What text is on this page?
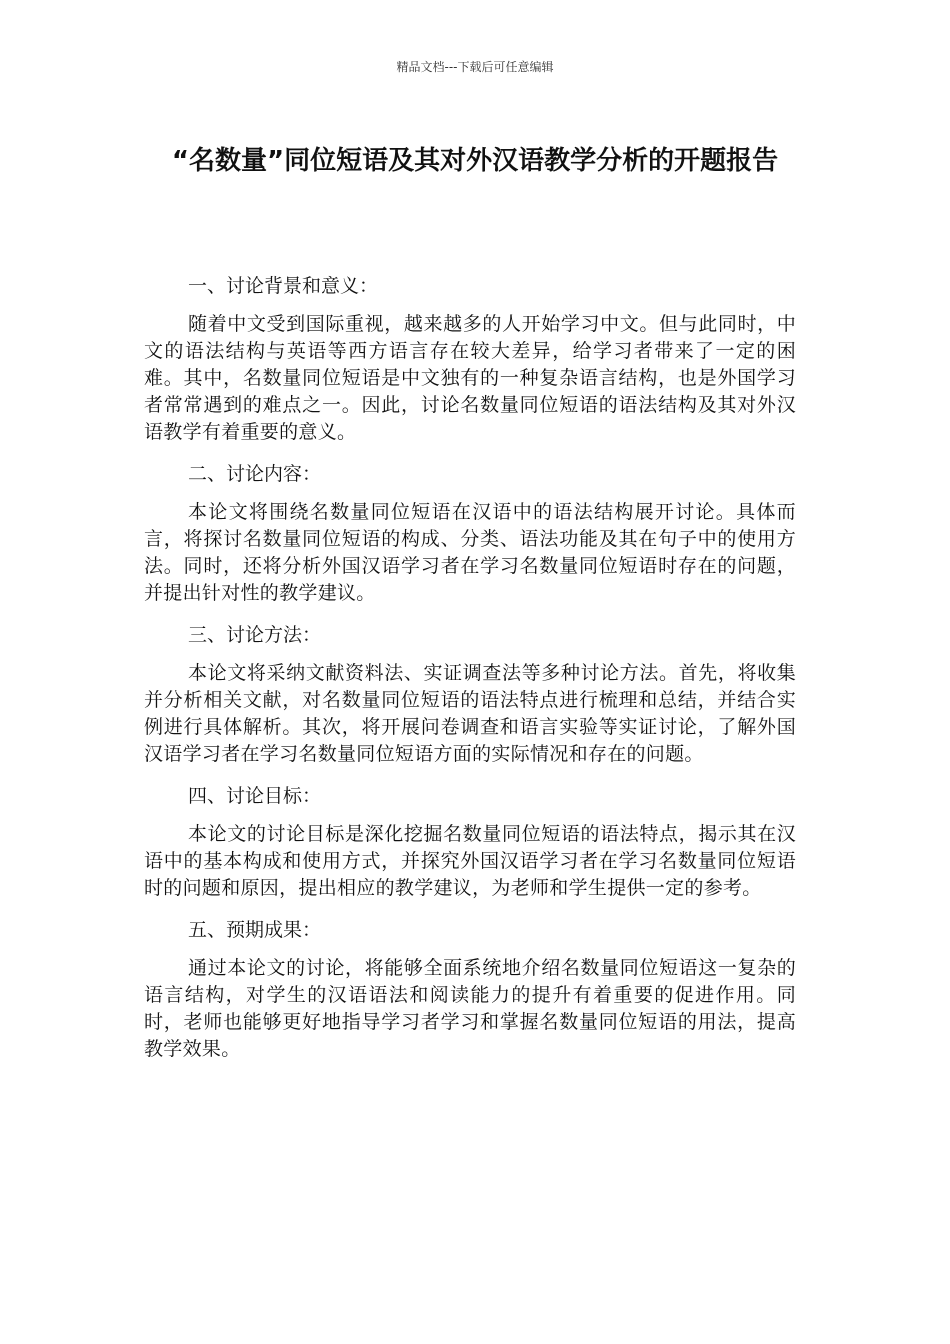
精品文档---下载后可任意编辑
“名数量”同位短语及其对外汉语教学分析的开题报告

一、讨论背景和意义：

随着中文受到国际重视，越来越多的人开始学习中文。但与此同时，中文的语法结构与英语等西方语言存在较大差异，给学习者带来了一定的困难。其中，名数量同位短语是中文独有的一种复杂语言结构，也是外国学习者常常遇到的难点之一。因此，讨论名数量同位短语的语法结构及其对外汉语教学有着重要的意义。

二、讨论内容：

本论文将围绕名数量同位短语在汉语中的语法结构展开讨论。具体而言，将探讨名数量同位短语的构成、分类、语法功能及其在句子中的使用方法。同时，还将分析外国汉语学习者在学习名数量同位短语时存在的问题，并提出针对性的教学建议。

三、讨论方法：

本论文将采纳文献资料法、实证调查法等多种讨论方法。首先，将收集并分析相关文献，对名数量同位短语的语法特点进行梳理和总结，并结合实例进行具体解析。其次，将开展问卷调查和语言实验等实证讨论，了解外国汉语学习者在学习名数量同位短语方面的实际情况和存在的问题。

四、讨论目标：

本论文的讨论目标是深化挖掘名数量同位短语的语法特点，揭示其在汉语中的基本构成和使用方式，并探究外国汉语学习者在学习名数量同位短语时的问题和原因，提出相应的教学建议，为老师和学生提供一定的参考。

五、预期成果：

通过本论文的讨论，将能够全面系统地介绍名数量同位短语这一复杂的语言结构，对学生的汉语语法和阅读能力的提升有着重要的促进作用。同时，老师也能够更好地指导学习者学习和掌握名数量同位短语的用法，提高教学效果。
